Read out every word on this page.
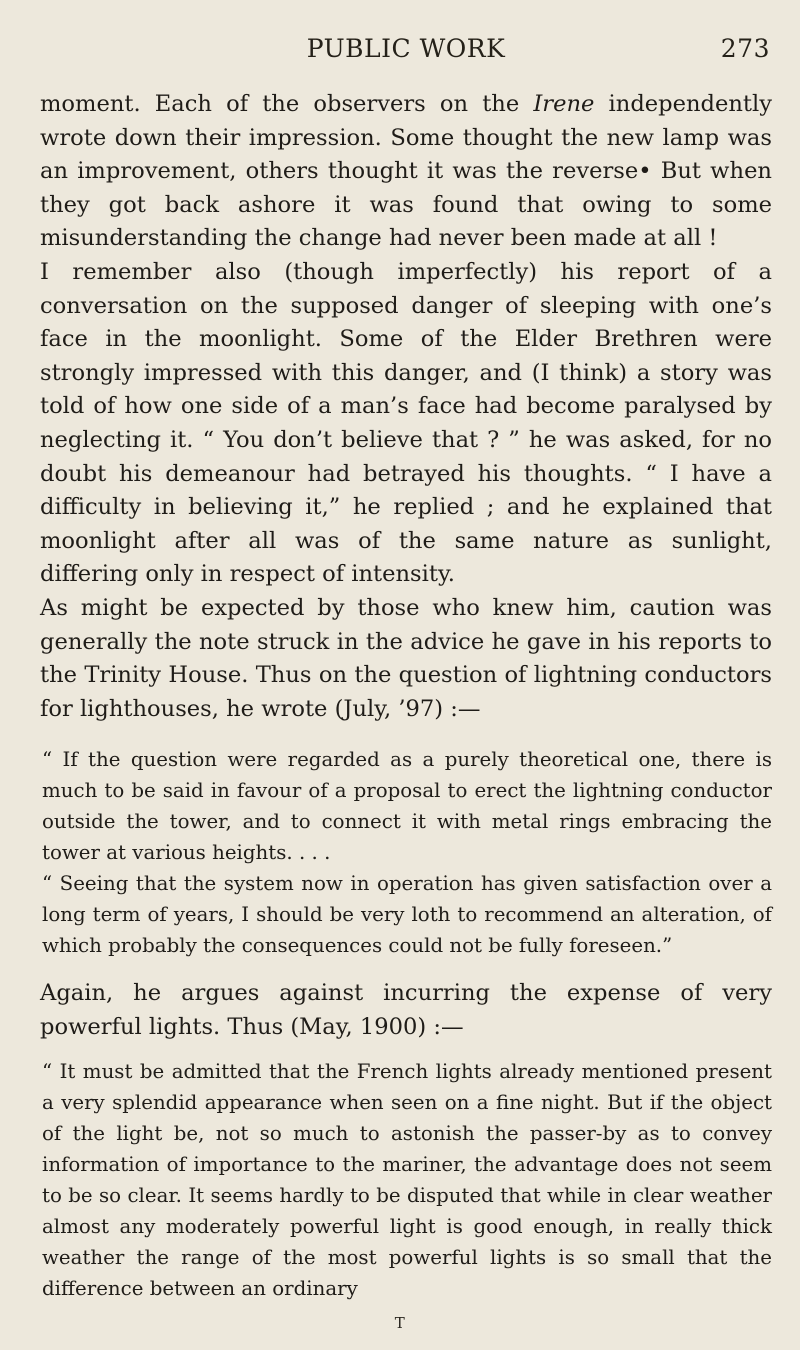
PUBLIC WORK	273

moment. Each of the observers on the Irene independently wrote down their impression. Some thought the new lamp was an improvement, others thought it was the reverse• But when they got back ashore it was found that owing to some misunderstanding the change had never been made at all !

I remember also (though imperfectly) his report of a conversation on the supposed danger of sleeping with one’s face in the moonlight. Some of the Elder Brethren were strongly impressed with this danger, and (I think) a story was told of how one side of a man’s face had become paralysed by neglecting it. “ You don’t believe that ? ” he was asked, for no doubt his demeanour had betrayed his thoughts. “ I have a difficulty in believing it,” he replied ; and he explained that moonlight after all was of the same nature as sunlight, differing only in respect of intensity.

As might be expected by those who knew him, caution was generally the note struck in the advice he gave in his reports to the Trinity House. Thus on the question of lightning conductors for lighthouses, he wrote (July, ’97) :—

“ If the question were regarded as a purely theoretical one, there is much to be said in favour of a proposal to erect the lightning conductor outside the tower, and to connect it with metal rings embracing the tower at various heights. . . .

“ Seeing that the system now in operation has given satisfaction over a long term of years, I should be very loth to recommend an alteration, of which probably the consequences could not be fully foreseen.”

Again, he argues against incurring the expense of very powerful lights. Thus (May, 1900) :—

“ It must be admitted that the French lights already mentioned present a very splendid appearance when seen on a fine night. But if the object of the light be, not so much to astonish the passer-by as to convey information of importance to the mariner, the advantage does not seem to be so clear. It seems hardly to be disputed that while in clear weather almost any moderately powerful light is good enough, in really thick weather the range of the most powerful lights is so small that the difference between an ordinary

T
